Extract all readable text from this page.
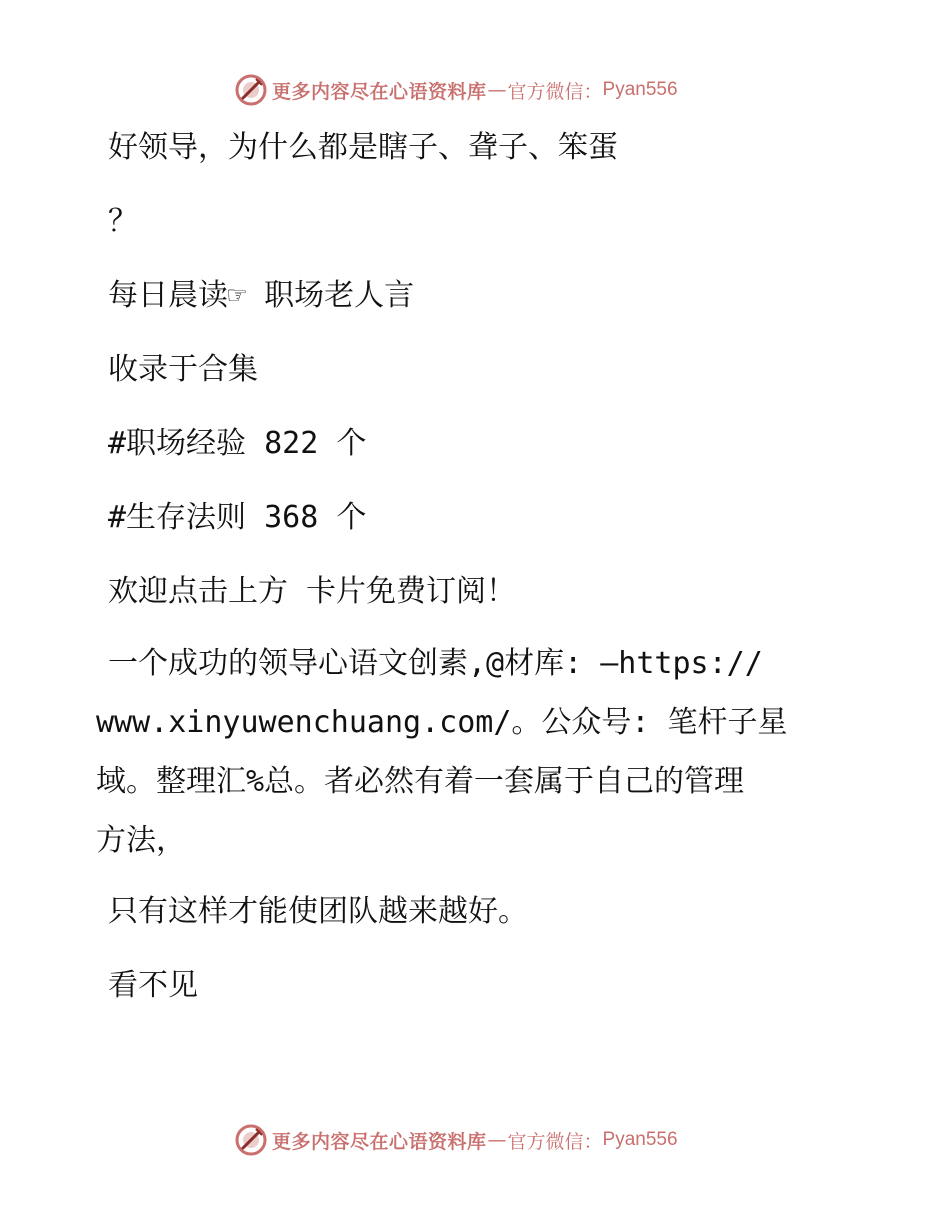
更多内容尽在心语资料库 — 官方微信： Pyan556
好领导，为什么都是瞎子、聋子、笨蛋
？
每日晨读☞ 职场老人言
收录于合集
#职场经验 822 个
#生存法则 368 个
欢迎点击上方 卡片免费订阅！
一个成功的领导心语文创素,@材库: —https://
www.xinyuwenchuang.com/。公众号: 笔杆子星
域。整理汇%总。者必然有着一套属于自己的管理
方法，
只有这样才能使团队越来越好。
看不见
更多内容尽在心语资料库 — 官方微信： Pyan556
